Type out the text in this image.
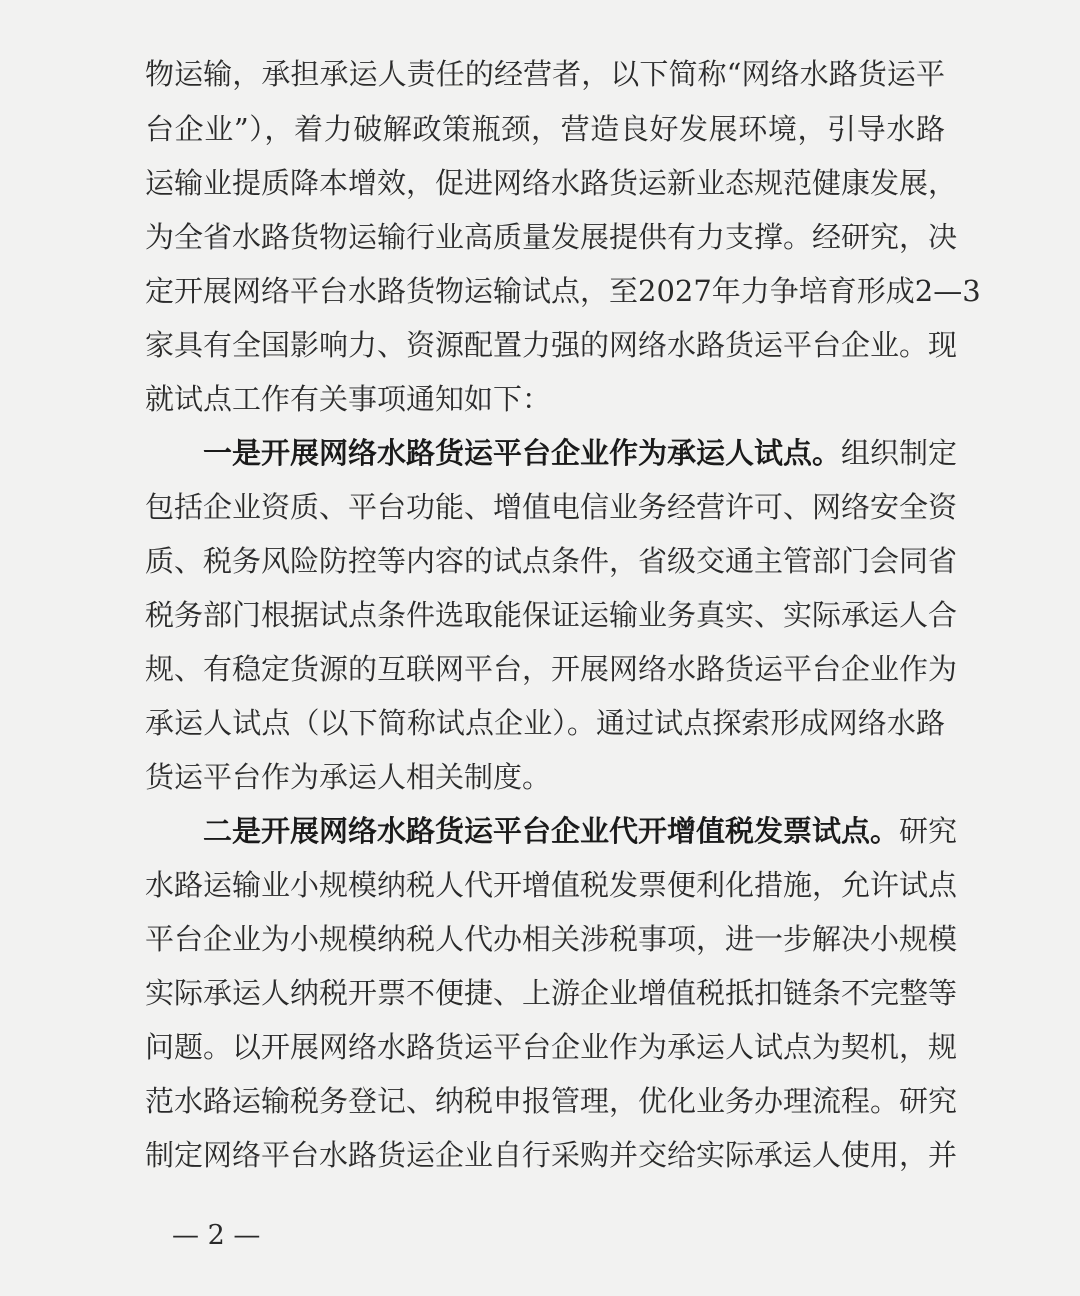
物运输，承担承运人责任的经营者，以下简称“网络水路货运平

台企业”），着力破解政策瓶颈，营造良好发展环境，引导水路

运输业提质降本增效，促进网络水路货运新业态规范健康发展，

为全省水路货物运输行业高质量发展提供有力支撑。经研究，决

定开展网络平台水路货物运输试点，至2027年力争培育形成2—3

家具有全国影响力、资源配置力强的网络水路货运平台企业。现

就试点工作有关事项通知如下：

一是开展网络水路货运平台企业作为承运人试点。组织制定

包括企业资质、平台功能、增值电信业务经营许可、网络安全资

质、税务风险防控等内容的试点条件，省级交通主管部门会同省

税务部门根据试点条件选取能保证运输业务真实、实际承运人合

规、有稳定货源的互联网平台，开展网络水路货运平台企业作为

承运人试点（以下简称试点企业）。通过试点探索形成网络水路

货运平台作为承运人相关制度。

二是开展网络水路货运平台企业代开增值税发票试点。研究

水路运输业小规模纳税人代开增值税发票便利化措施，允许试点

平台企业为小规模纳税人代办相关涉税事项，进一步解决小规模

实际承运人纳税开票不便捷、上游企业增值税抵扣链条不完整等

问题。以开展网络水路货运平台企业作为承运人试点为契机，规

范水路运输税务登记、纳税申报管理，优化业务办理流程。研究

制定网络平台水路货运企业自行采购并交给实际承运人使用，并

— 2 —
